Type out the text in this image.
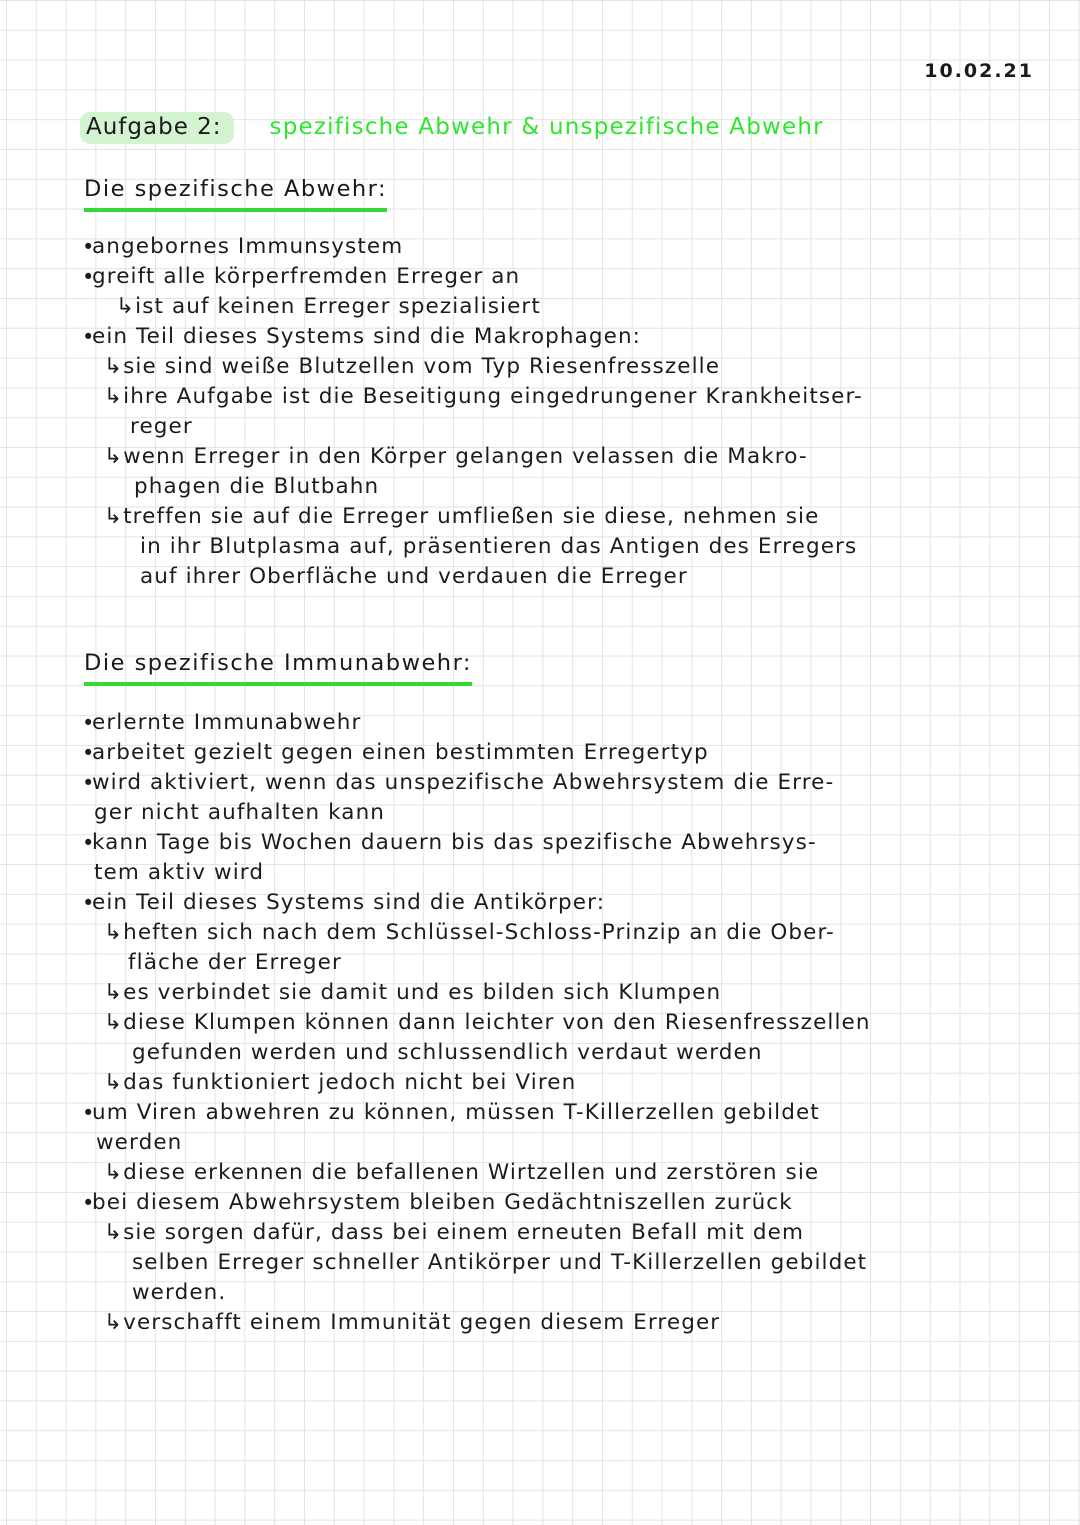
10.02.21
Aufgabe 2:	spezifische Abwehr & unspezifische Abwehr
Die spezifische Abwehr:
•
angebornes Immunsystem
•
greift alle körperfremden Erreger an
↳ist auf keinen Erreger spezialisiert
•
ein Teil dieses Systems sind die Makrophagen:
↳sie sind weiße Blutzellen vom Typ Riesenfresszelle
↳ihre Aufgabe ist die Beseitigung eingedrungener Krankheitser-
reger
↳wenn Erreger in den Körper gelangen velassen die Makro-
phagen die Blutbahn
↳treffen sie auf die Erreger umfließen sie diese, nehmen sie
in ihr Blutplasma auf, präsentieren das Antigen des Erregers
auf ihrer Oberfläche und verdauen die Erreger
Die spezifische Immunabwehr:
•
erlernte Immunabwehr
•
arbeitet gezielt gegen einen bestimmten Erregertyp
•
wird aktiviert, wenn das unspezifische Abwehrsystem die Erre-
ger nicht aufhalten kann
•
kann Tage bis Wochen dauern bis das spezifische Abwehrsys-
tem aktiv wird
•
ein Teil dieses Systems sind die Antikörper:
↳heften sich nach dem Schlüssel-Schloss-Prinzip an die Ober-
fläche der Erreger
↳es verbindet sie damit und es bilden sich Klumpen
↳diese Klumpen können dann leichter von den Riesenfresszellen
gefunden werden und schlussendlich verdaut werden
↳das funktioniert jedoch nicht bei Viren
•
um Viren abwehren zu können, müssen T-Killerzellen gebildet
werden
↳diese erkennen die befallenen Wirtzellen und zerstören sie
•
bei diesem Abwehrsystem bleiben Gedächtniszellen zurück
↳sie sorgen dafür, dass bei einem erneuten Befall mit dem
selben Erreger schneller Antikörper und T-Killerzellen gebildet
werden.
↳verschafft einem Immunität gegen diesem Erreger
